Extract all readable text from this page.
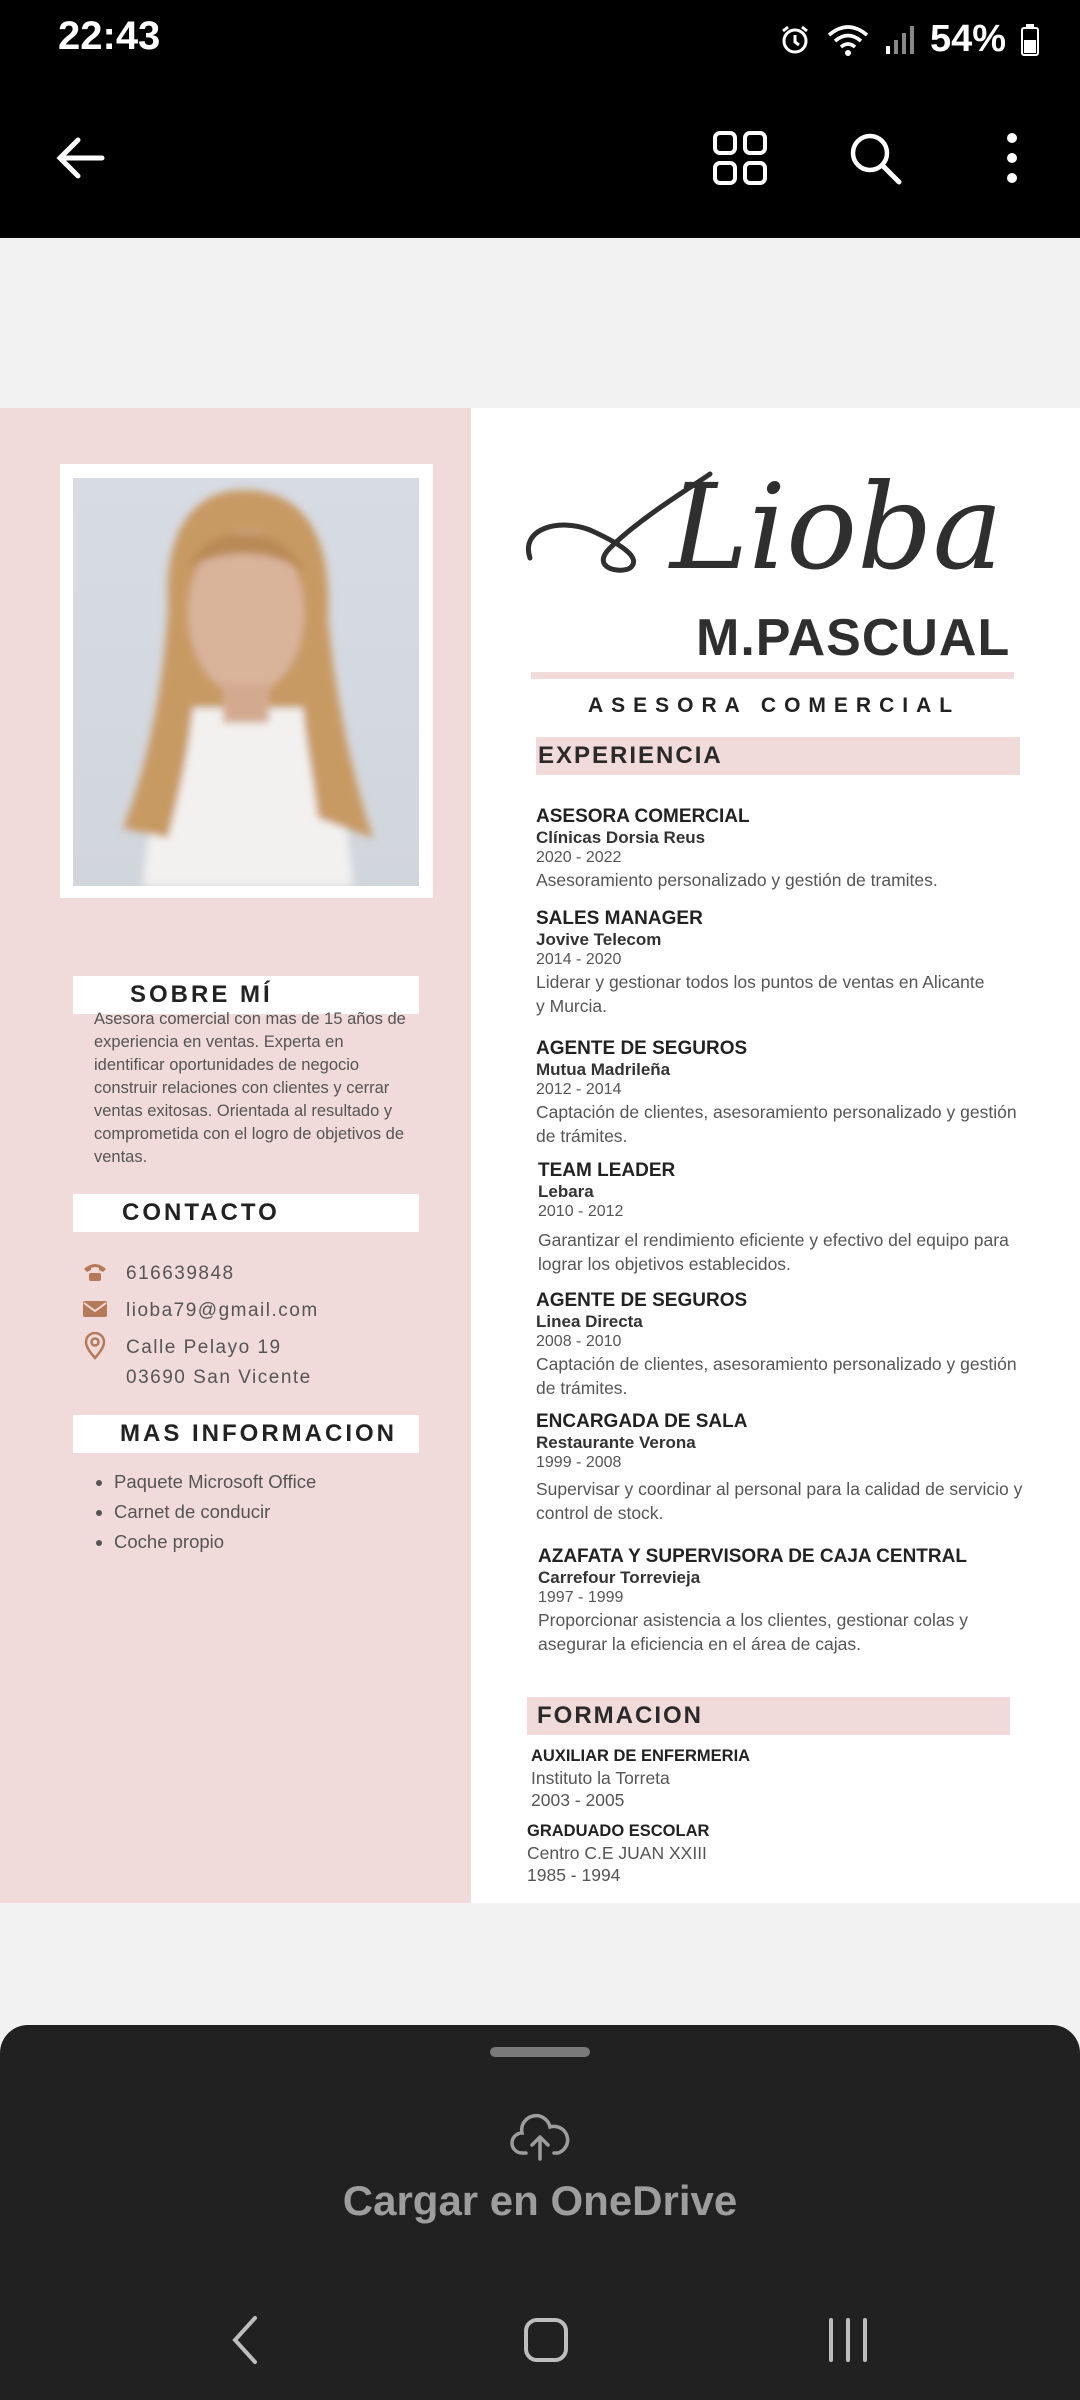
22:43	54%
SOBRE MÍ
Asesora comercial con mas de 15 años de experiencia en ventas. Experta en identificar oportunidades de negocio construir relaciones con clientes y cerrar ventas exitosas. Orientada al resultado y comprometida con el logro de objetivos de ventas.
CONTACTO
616639848
lioba79@gmail.com
Calle Pelayo 19
03690 San Vicente
MAS INFORMACION
• Paquete Microsoft Office
• Carnet de conducir
• Coche propio
Lioba
M.PASCUAL
ASESORA COMERCIAL
EXPERIENCIA
ASESORA COMERCIAL
Clínicas Dorsia Reus
2020 - 2022
Asesoramiento personalizado y gestión de tramites.
SALES MANAGER
Jovive Telecom
2014 - 2020
Liderar y gestionar todos los puntos de ventas en Alicante y Murcia.
AGENTE DE SEGUROS
Mutua Madrileña
2012 - 2014
Captación de clientes, asesoramiento personalizado y gestión de trámites.
TEAM LEADER
Lebara
2010 - 2012
Garantizar el rendimiento eficiente y efectivo del equipo para lograr los objetivos establecidos.
AGENTE DE SEGUROS
Linea Directa
2008 - 2010
Captación de clientes, asesoramiento personalizado y gestión de trámites.
ENCARGADA DE SALA
Restaurante Verona
1999 - 2008
Supervisar y coordinar al personal para la calidad de servicio y control de stock.
AZAFATA Y SUPERVISORA DE CAJA CENTRAL
Carrefour Torrevieja
1997 - 1999
Proporcionar asistencia a los clientes, gestionar colas y asegurar la eficiencia en el área de cajas.
FORMACION
AUXILIAR DE ENFERMERIA
Instituto la Torreta
2003 - 2005
GRADUADO ESCOLAR
Centro C.E JUAN XXIII
1985 - 1994
Cargar en OneDrive
